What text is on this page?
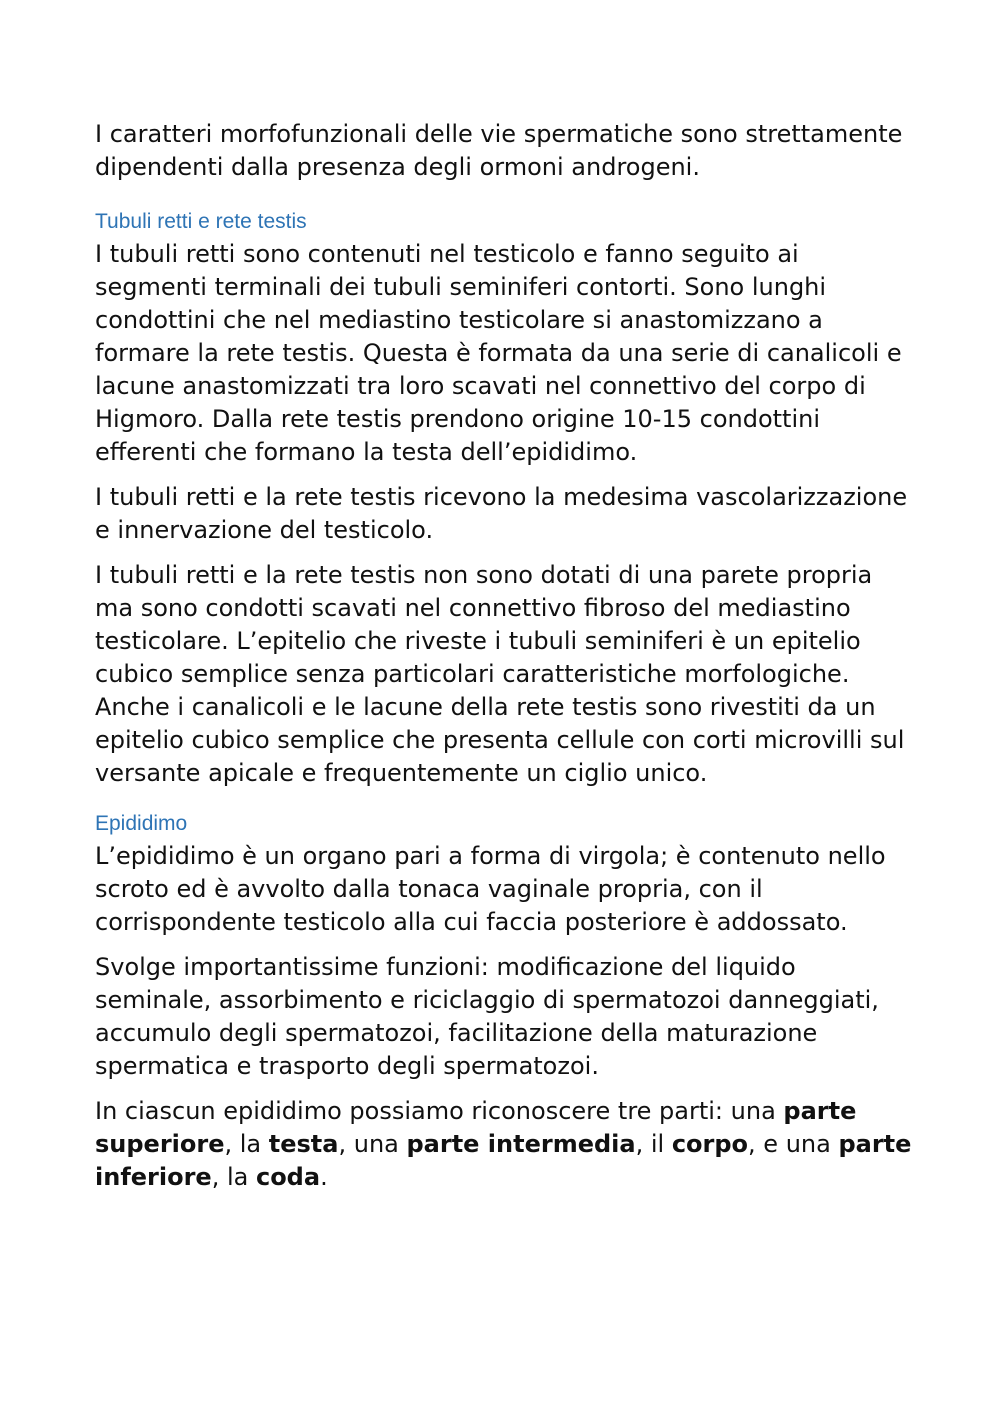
I caratteri morfofunzionali delle vie spermatiche sono strettamente dipendenti dalla presenza degli ormoni androgeni.

Tubuli retti e rete testis

I tubuli retti sono contenuti nel testicolo e fanno seguito ai segmenti terminali dei tubuli seminiferi contorti. Sono lunghi condottini che nel mediastino testicolare si anastomizzano a formare la rete testis. Questa è formata da una serie di canalicoli e lacune anastomizzati tra loro scavati nel connettivo del corpo di Higmoro. Dalla rete testis prendono origine 10-15 condottini efferenti che formano la testa dell’epididimo.

I tubuli retti e la rete testis ricevono la medesima vascolarizzazione e innervazione del testicolo.

I tubuli retti e la rete testis non sono dotati di una parete propria ma sono condotti scavati nel connettivo fibroso del mediastino testicolare. L’epitelio che riveste i tubuli seminiferi è un epitelio cubico semplice senza particolari caratteristiche morfologiche. Anche i canalicoli e le lacune della rete testis sono rivestiti da un epitelio cubico semplice che presenta cellule con corti microvilli sul versante apicale e frequentemente un ciglio unico.

Epididimo

L’epididimo è un organo pari a forma di virgola; è contenuto nello scroto ed è avvolto dalla tonaca vaginale propria, con il corrispondente testicolo alla cui faccia posteriore è addossato.

Svolge importantissime funzioni: modificazione del liquido seminale, assorbimento e riciclaggio di spermatozoi danneggiati, accumulo degli spermatozoi, facilitazione della maturazione spermatica e trasporto degli spermatozoi.

In ciascun epididimo possiamo riconoscere tre parti: una parte superiore, la testa, una parte intermedia, il corpo, e una parte inferiore, la coda.
